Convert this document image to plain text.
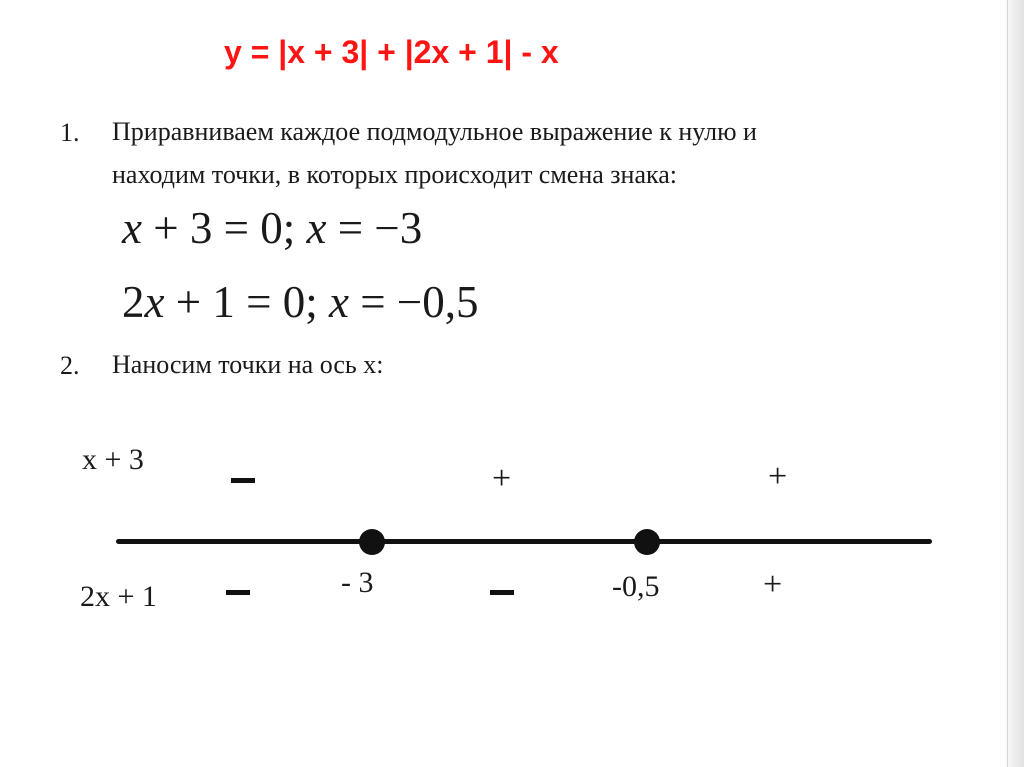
y = |x + 3| + |2x + 1| - x
1. Приравниваем каждое подмодульное выражение к нулю и
находим точки, в которых происходит смена знака:
x + 3 = 0; x = −3
2x + 1 = 0; x = −0,5
2. Наносим точки на ось х:
x + 3
2x + 1
+	+
- 3	-0,5	+
